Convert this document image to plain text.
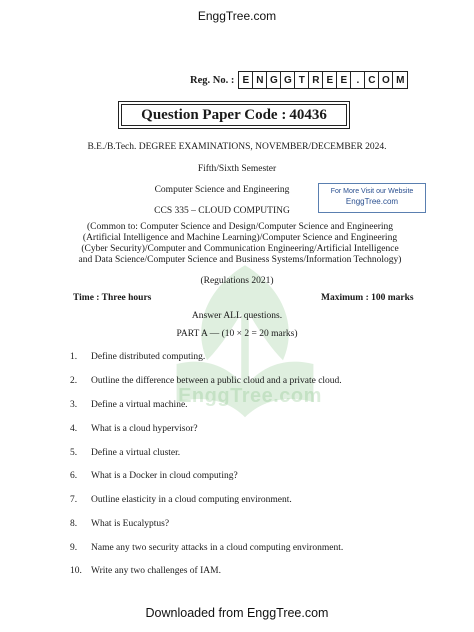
EnggTree.com
EnggTree.com
Reg. No. : E N G G T R E E . C O M
Question Paper Code : 40436
B.E./B.Tech. DEGREE EXAMINATIONS, NOVEMBER/DECEMBER 2024.
Fifth/Sixth Semester
Computer Science and Engineering
CCS 335 – CLOUD COMPUTING
For More Visit our Website
EnggTree.com
(Common to: Computer Science and Design/Computer Science and Engineering
(Artificial Intelligence and Machine Learning)/Computer Science and Engineering
(Cyber Security)/Computer and Communication Engineering/Artificial Intelligence
and Data Science/Computer Science and Business Systems/Information Technology)
(Regulations 2021)
Time : Three hours	Maximum : 100 marks
Answer ALL questions.
PART A — (10 × 2 = 20 marks)
1. Define distributed computing.
2. Outline the difference between a public cloud and a private cloud.
3. Define a virtual machine.
4. What is a cloud hypervisor?
5. Define a virtual cluster.
6. What is a Docker in cloud computing?
7. Outline elasticity in a cloud computing environment.
8. What is Eucalyptus?
9. Name any two security attacks in a cloud computing environment.
10. Write any two challenges of IAM.
Downloaded from EnggTree.com
